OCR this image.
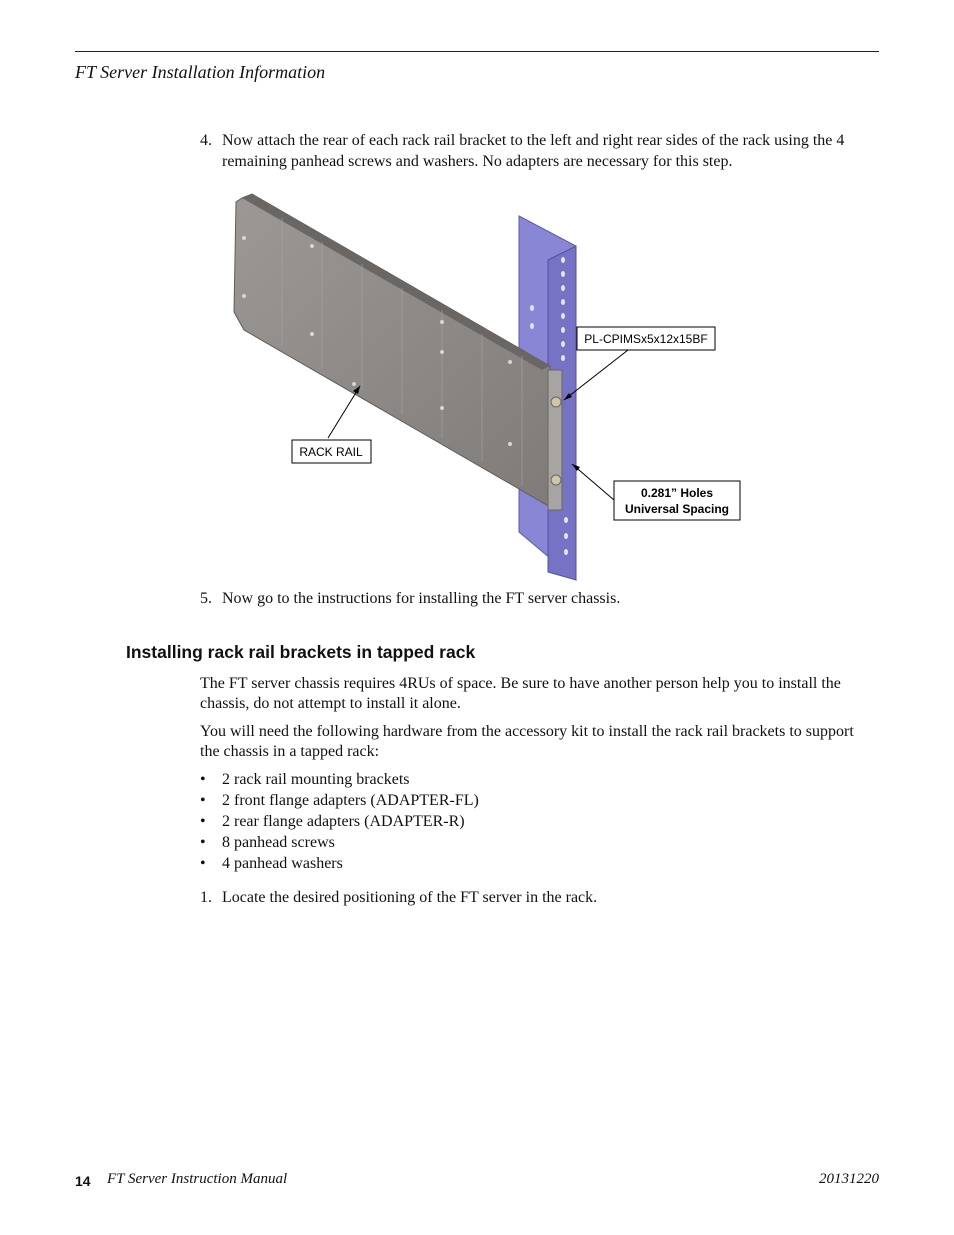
FT Server Installation Information
4. Now attach the rear of each rack rail bracket to the left and right rear sides of the rack using the 4 remaining panhead screws and washers. No adapters are necessary for this step.
RACK RAIL
PL-CPIMSx5x12x15BF
0.281” Holes
Universal Spacing
5. Now go to the instructions for installing the FT server chassis.
Installing rack rail brackets in tapped rack

The FT server chassis requires 4RUs of space. Be sure to have another person help you to install the chassis, do not attempt to install it alone.

You will need the following hardware from the accessory kit to install the rack rail brackets to support the chassis in a tapped rack:

• 2 rack rail mounting brackets
• 2 front flange adapters (ADAPTER-FL)
• 2 rear flange adapters (ADAPTER-R)
• 8 panhead screws
• 4 panhead washers
1. Locate the desired positioning of the FT server in the rack.
14 FT Server Instruction Manual	20131220
